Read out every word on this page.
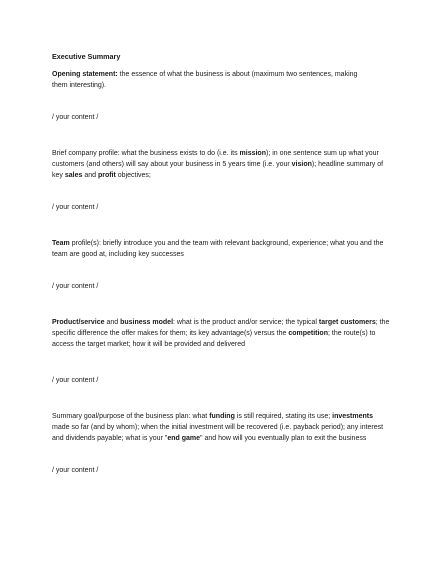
Executive Summary

Opening statement: the essence of what the business is about (maximum two sentences, making them interesting).

/ your content /

Brief company profile: what the business exists to do (i.e. its mission); in one sentence sum up what your customers (and others) will say about your business in 5 years time (i.e. your vision); headline summary of key sales and profit objectives;

/ your content /

Team profile(s): briefly introduce you and the team with relevant background, experience; what you and the team are good at, including key successes

/ your content /

Product/service and business model: what is the product and/or service; the typical target customers; the specific difference the offer makes for them; its key advantage(s) versus the competition; the route(s) to access the target market; how it will be provided and delivered

/ your content /

Summary goal/purpose of the business plan: what funding is still required, stating its use; investments made so far (and by whom); when the initial investment will be recovered (i.e. payback period); any interest and dividends payable; what is your "end game" and how will you eventually plan to exit the business

/ your content /
